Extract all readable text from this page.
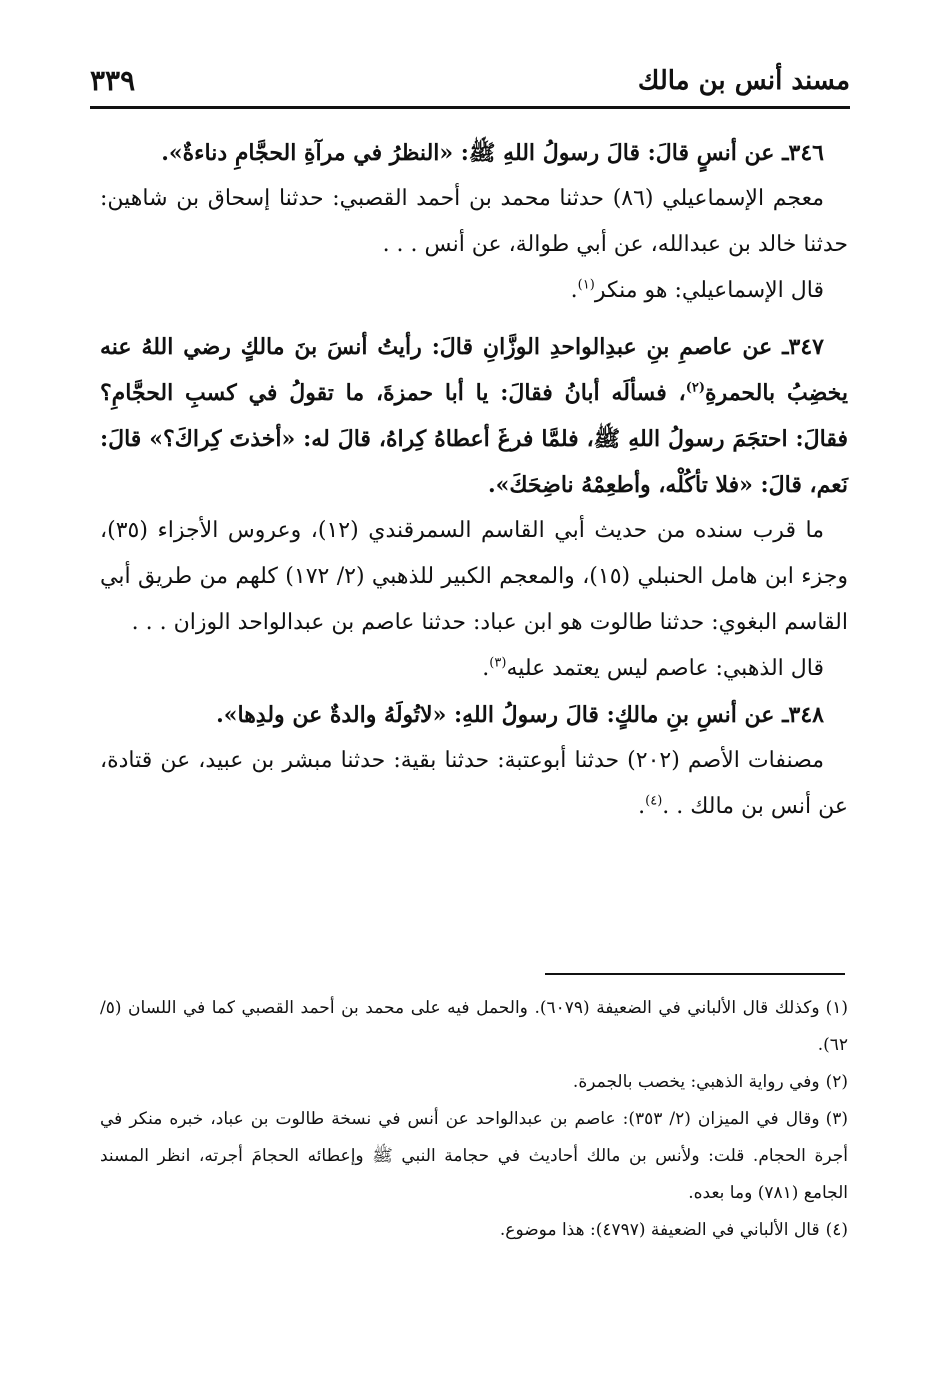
مسند أنس بن مالك
٣٣٩

٣٤٦ـ عن أنسٍ قالَ: قالَ رسولُ اللهِ ﷺ: «النظرُ في مرآةِ الحجَّامِ دناءةٌ».

معجم الإسماعيلي (٨٦) حدثنا محمد بن أحمد القصبي: حدثنا إسحاق بن شاهين: حدثنا خالد بن عبدالله، عن أبي طوالة، عن أنس . . .

قال الإسماعيلي: هو منكر$^{(١)}$.

٣٤٧ـ عن عاصمِ بنِ عبدِالواحدِ الوزَّانِ قالَ: رأيتُ أنسَ بنَ مالكٍ رضي اللهُ عنه يخضِبُ بالحمرةِ$^{(٢)}$، فسألَه أبانُ فقالَ: يا أبا حمزةَ، ما تقولُ في كسبِ الحجَّامِ؟ فقالَ: احتجَمَ رسولُ اللهِ ﷺ، فلمَّا فرغَ أعطاهُ كِراهُ، قالَ له: «أخذتَ كِراكَ؟» قالَ: نَعم، قالَ: «فلا تأكُلْه، وأطعِمْهُ ناضِحَكَ».

ما قرب سنده من حديث أبي القاسم السمرقندي (١٢)، وعروس الأجزاء (٣٥)، وجزء ابن هامل الحنبلي (١٥)، والمعجم الكبير للذهبي (٢/ ١٧٢) كلهم من طريق أبي القاسم البغوي: حدثنا طالوت هو ابن عباد: حدثنا عاصم بن عبدالواحد الوزان . . .

قال الذهبي: عاصم ليس يعتمد عليه$^{(٣)}$.

٣٤٨ـ عن أنسِ بنِ مالكٍ: قالَ رسولُ اللهِ: «لاتُولَهُ والدةٌ عن ولدِها».

مصنفات الأصم (٢٠٢) حدثنا أبوعتبة: حدثنا بقية: حدثنا مبشر بن عبيد، عن قتادة، عن أنس بن مالك . .$^{(٤)}$.

(١)وكذلك قال الألباني في الضعيفة (٦٠٧٩). والحمل فيه على محمد بن أحمد القصبي كما في اللسان (٥/ ٦٢).

(٢)وفي رواية الذهبي: يخصب بالجمرة.

(٣)وقال في الميزان (٢/ ٣٥٣): عاصم بن عبدالواحد عن أنس في نسخة طالوت بن عباد، خبره منكر في أجرة الحجام. قلت: ولأنس بن مالك أحاديث في حجامة النبي ﷺ وإعطائه الحجامَ أجرته، انظر المسند الجامع (٧٨١) وما بعده.

(٤)قال الألباني في الضعيفة (٤٧٩٧): هذا موضوع.
